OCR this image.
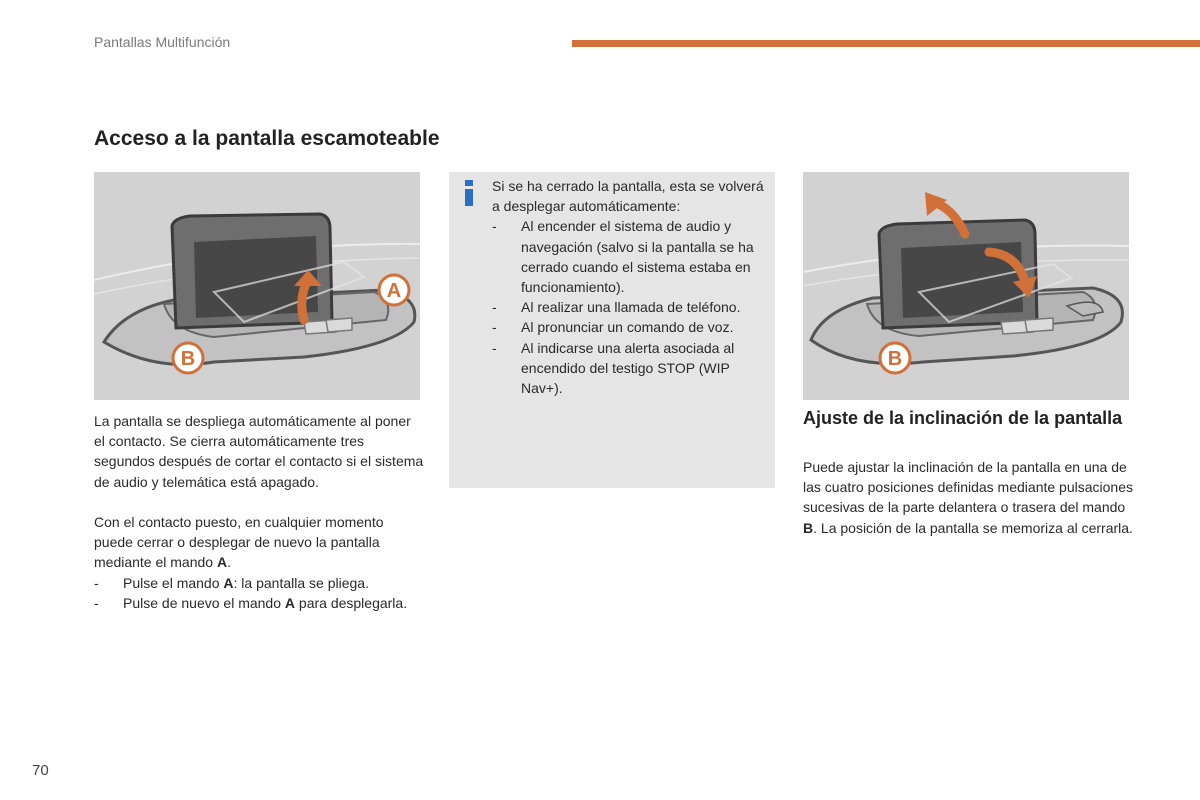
Pantallas Multifunción
Acceso a la pantalla escamoteable
A
B
La pantalla se despliega automáticamente al poner el contacto. Se cierra automáticamente tres segundos después de cortar el contacto si el sistema de audio y telemática está apagado.
Con el contacto puesto, en cualquier momento puede cerrar o desplegar de nuevo la pantalla mediante el mando A.
- Pulse el mando A: la pantalla se pliega.
- Pulse de nuevo el mando A para desplegarla.
Si se ha cerrado la pantalla, esta se volverá a desplegar automáticamente:
- Al encender el sistema de audio y navegación (salvo si la pantalla se ha cerrado cuando el sistema estaba en funcionamiento).
- Al realizar una llamada de teléfono.
- Al pronunciar un comando de voz.
- Al indicarse una alerta asociada al encendido del testigo STOP (WIP Nav+).
B
Ajuste de la inclinación de la pantalla
Puede ajustar la inclinación de la pantalla en una de las cuatro posiciones definidas mediante pulsaciones sucesivas de la parte delantera o trasera del mando B. La posición de la pantalla se memoriza al cerrarla.
70
